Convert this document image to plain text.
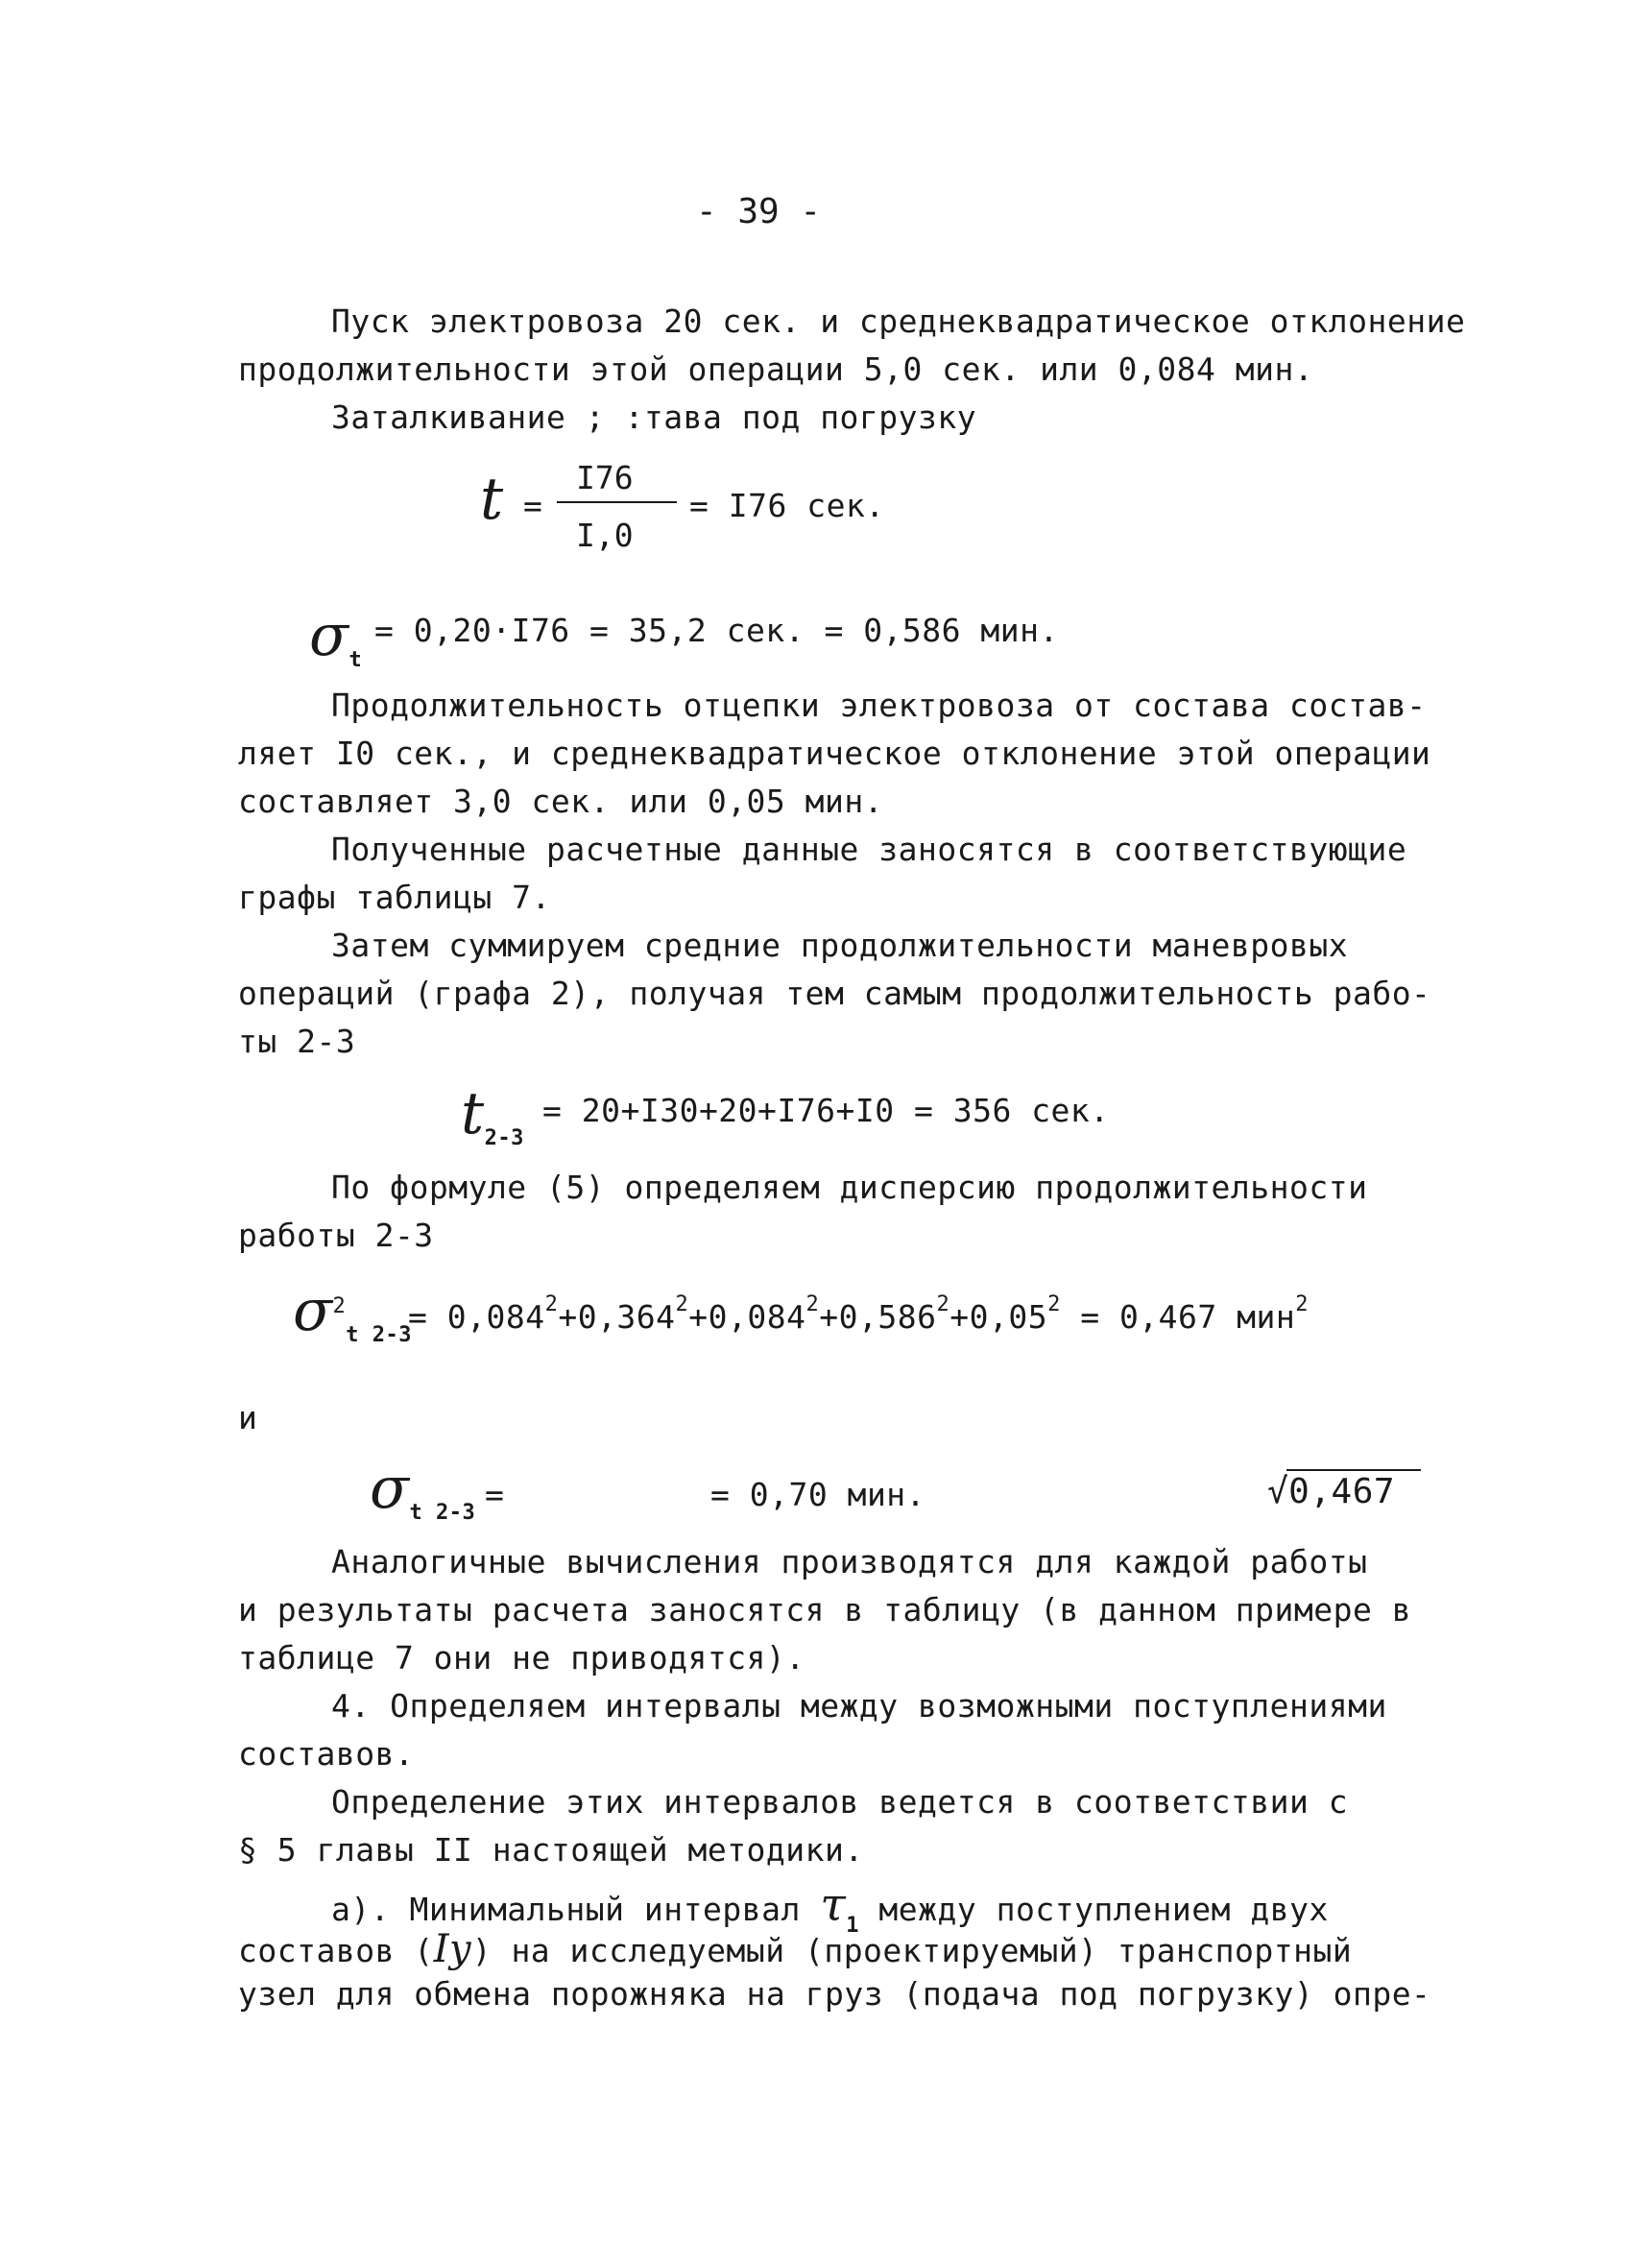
- 39 -
Пуск электровоза 20 сек. и среднеквадратическое отклонение
продолжительности этой операции 5,0 сек. или 0,084 мин.
Заталкивание ; :тава под погрузку
t =
I76
I,0
= I76 сек.
$\sigma_t$
= 0,20·I76 = 35,2 сек. = 0,586 мин.
Продолжительность отцепки электровоза от состава состав-
ляет I0 сек., и среднеквадратическое отклонение этой операции
составляет 3,0 сек. или 0,05 мин.
Полученные расчетные данные заносятся в соответствующие
графы таблицы 7.
Затем суммируем средние продолжительности маневровых
операций (графа 2), получая тем самым продолжительность рабо-
ты 2-3
$t_{2-3}$
= 20+I30+20+I76+I0 = 356 сек.
По формуле (5) определяем дисперсию продолжительности
работы 2-3
$\sigma^2_{t 2-3}$
= $0,084^2+0,364^2+0,084^2+0,586^2+0,05^2 = 0,467$ мин$^2$
и
$\sigma_{t 2-3}$ =	√0,467
= 0,70 мин.
Аналогичные вычисления производятся для каждой работы
и результаты расчета заносятся в таблицу (в данном примере в
таблице 7 они не приводятся).
4. Определяем интервалы между возможными поступлениями
составов.
Определение этих интервалов ведется в соответствии с
§ 5 главы II настоящей методики.
а). Минимальный интервал $\tau_1$ между поступлением двух
составов (Iу) на исследуемый (проектируемый) транспортный
узел для обмена порожняка на груз (подача под погрузку) опре-
